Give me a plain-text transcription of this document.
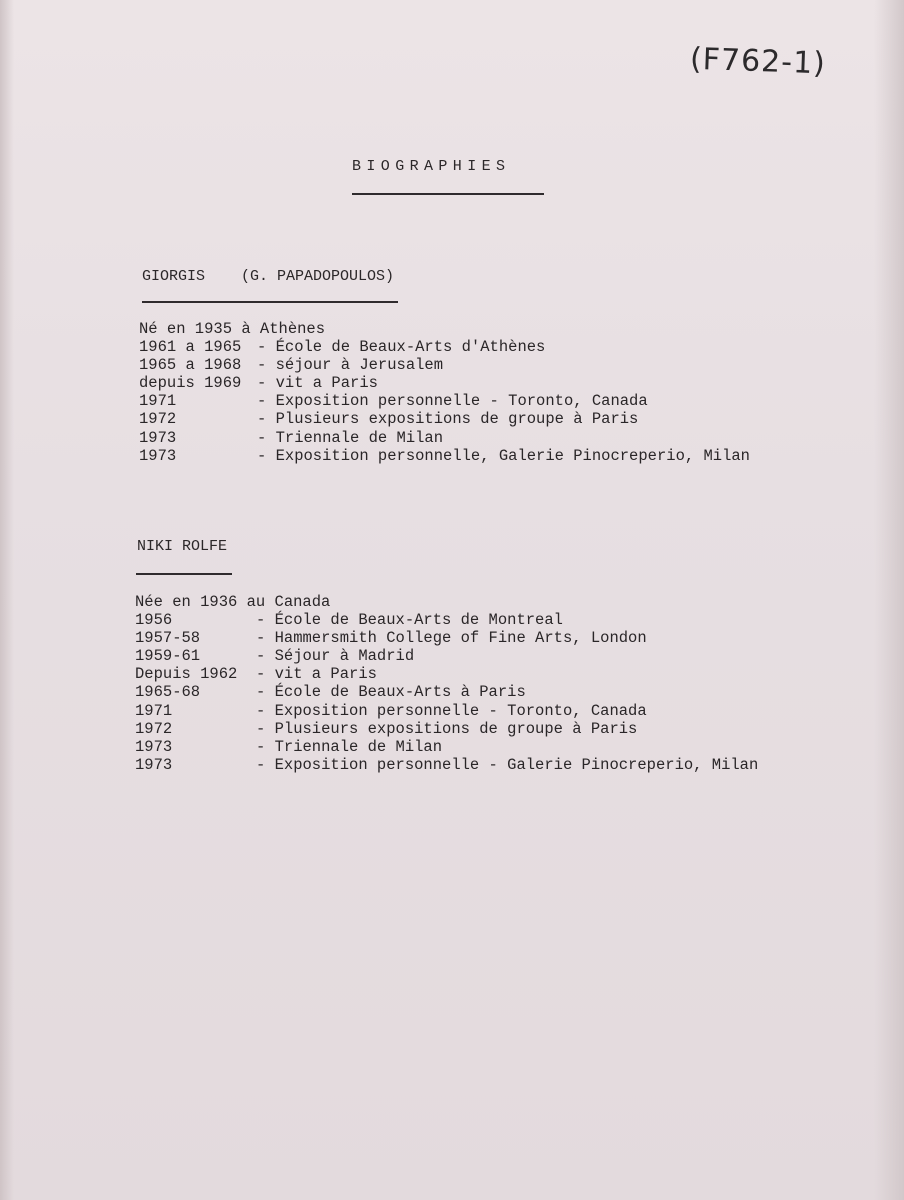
(F762-1)
BIOGRAPHIES
GIORGIS    (G. PAPADOPOULOS)
Né en 1935 à Athènes
1961 a 1965 - École de Beaux-Arts d'Athènes
1965 a 1968 - séjour à Jerusalem
depuis 1969 - vit a Paris
1971	- Exposition personnelle - Toronto, Canada
1972	- Plusieurs expositions de groupe à Paris
1973	- Triennale de Milan
1973	- Exposition personnelle, Galerie Pinocreperio, Milan
NIKI ROLFE
Née en 1936 au Canada
1956	- École de Beaux-Arts de Montreal
1957-58	- Hammersmith College of Fine Arts, London
1959-61	- Séjour à Madrid
Depuis 1962 - vit a Paris
1965-68	- École de Beaux-Arts à Paris
1971	- Exposition personnelle - Toronto, Canada
1972	- Plusieurs expositions de groupe à Paris
1973	- Triennale de Milan
1973	- Exposition personnelle - Galerie Pinocreperio, Milan
